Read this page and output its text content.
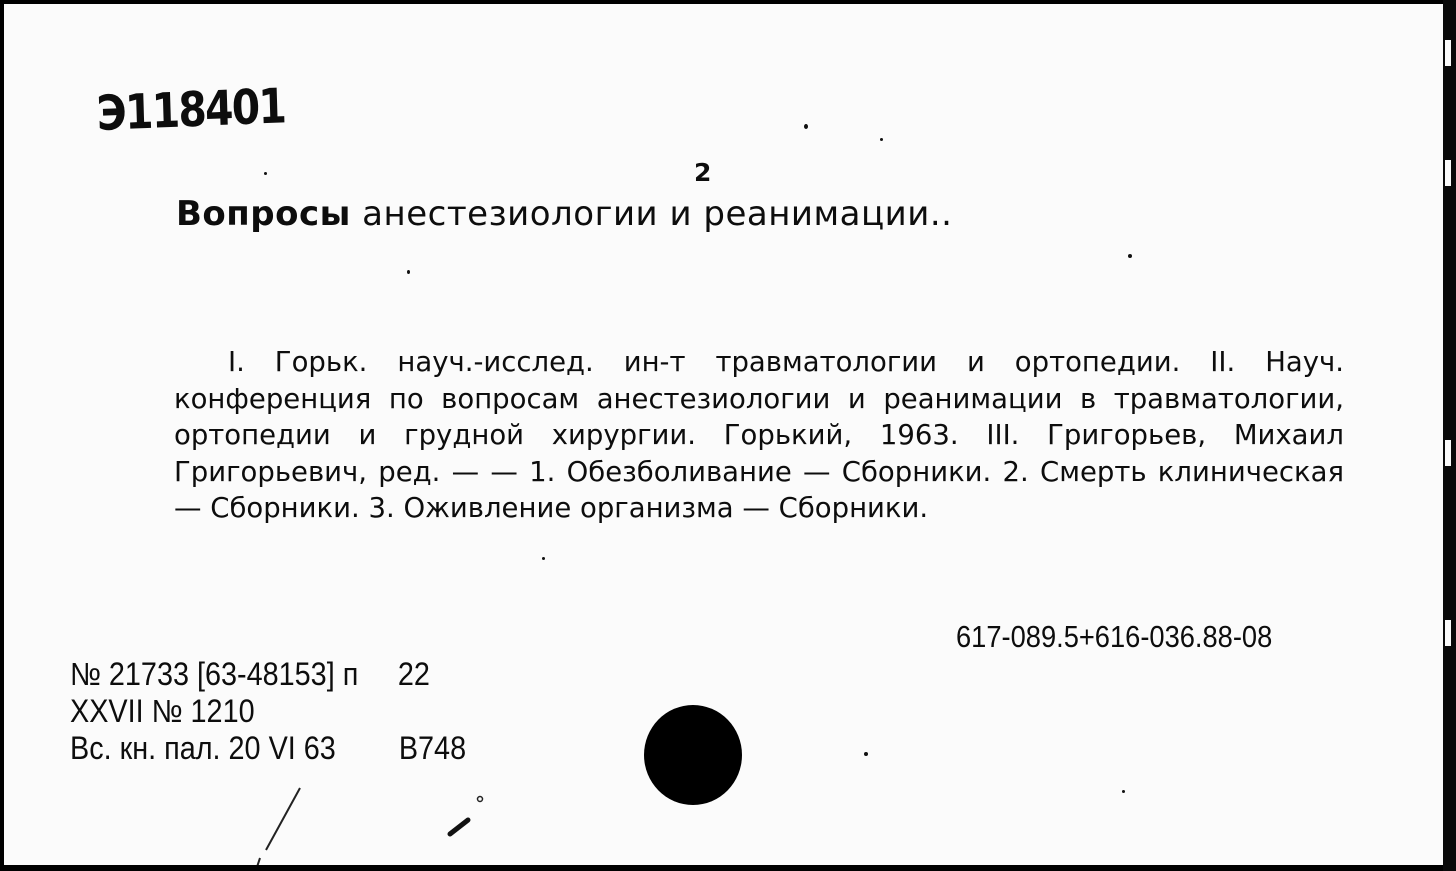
Э118401
2
Вопросы анестезиологии и реанимации..
I. Горьк. науч.-исслед. ин-т травматологии и ортопедии. II. Науч. конференция по вопросам анестезиологии и реанимации в травматологии, ортопедии и грудной хирургии. Горький, 1963. III. Григорьев, Михаил Григорьевич, ред. — — 1. Обезболивание — Сборники. 2. Смерть клиническая — Сборники. 3. Оживление организма — Сборники.
617-089.5+616-036.88-08
№ 21733 [63-48153] п 22
XXVII № 1210
Вс. кн. пал. 20 VI 63 В748
